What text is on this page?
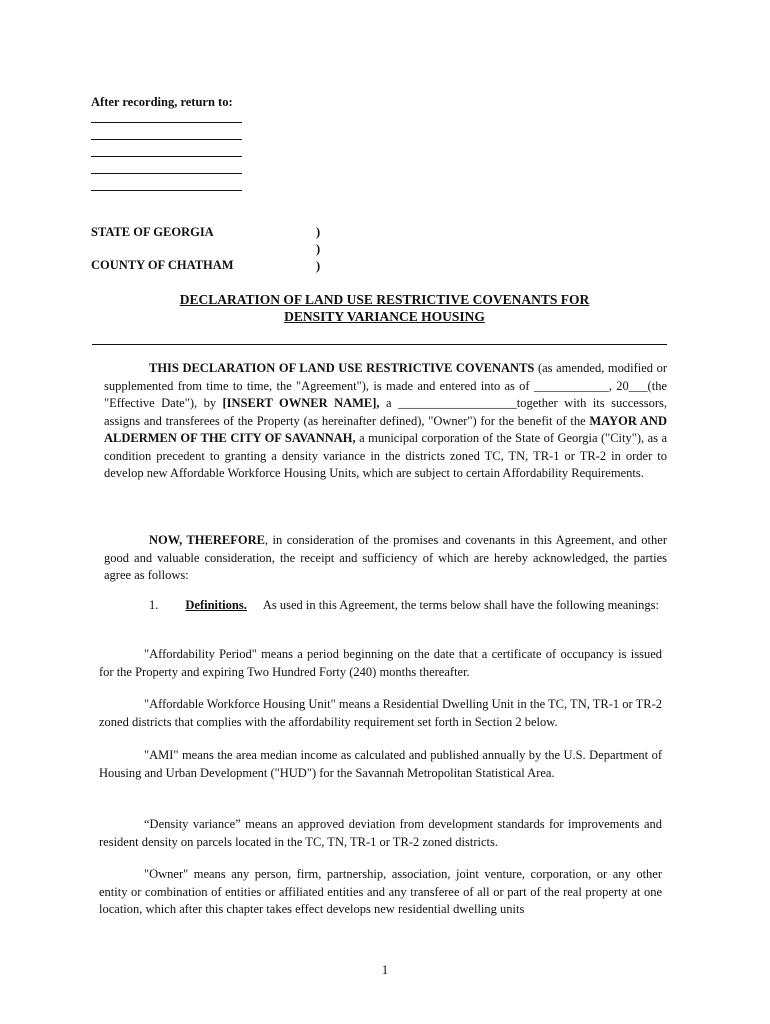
After recording, return to:
STATE OF GEORGIA
COUNTY OF CHATHAM
)
)
)
DECLARATION OF LAND USE RESTRICTIVE COVENANTS FOR
DENSITY VARIANCE HOUSING
THIS DECLARATION OF LAND USE RESTRICTIVE COVENANTS (as amended, modified or supplemented from time to time, the "Agreement"), is made and entered into as of ____________, 20___(the "Effective Date"), by [INSERT OWNER NAME], a ___________________together with its successors, assigns and transferees of the Property (as hereinafter defined), "Owner") for the benefit of the MAYOR AND ALDERMEN OF THE CITY OF SAVANNAH, a municipal corporation of the State of Georgia ("City"), as a condition precedent to granting a density variance in the districts zoned TC, TN, TR-1 or TR-2 in order to develop new Affordable Workforce Housing Units, which are subject to certain Affordability Requirements.
NOW, THEREFORE, in consideration of the promises and covenants in this Agreement, and other good and valuable consideration, the receipt and sufficiency of which are hereby acknowledged, the parties agree as follows:
1. Definitions. As used in this Agreement, the terms below shall have the following meanings:
"Affordability Period" means a period beginning on the date that a certificate of occupancy is issued for the Property and expiring Two Hundred Forty (240) months thereafter.
"Affordable Workforce Housing Unit" means a Residential Dwelling Unit in the TC, TN, TR-1 or TR-2 zoned districts that complies with the affordability requirement set forth in Section 2 below.
"AMI" means the area median income as calculated and published annually by the U.S. Department of Housing and Urban Development ("HUD") for the Savannah Metropolitan Statistical Area.
“Density variance” means an approved deviation from development standards for improvements and resident density on parcels located in the TC, TN, TR-1 or TR-2 zoned districts.
"Owner" means any person, firm, partnership, association, joint venture, corporation, or any other entity or combination of entities or affiliated entities and any transferee of all or part of the real property at one location, which after this chapter takes effect develops new residential dwelling units
1
